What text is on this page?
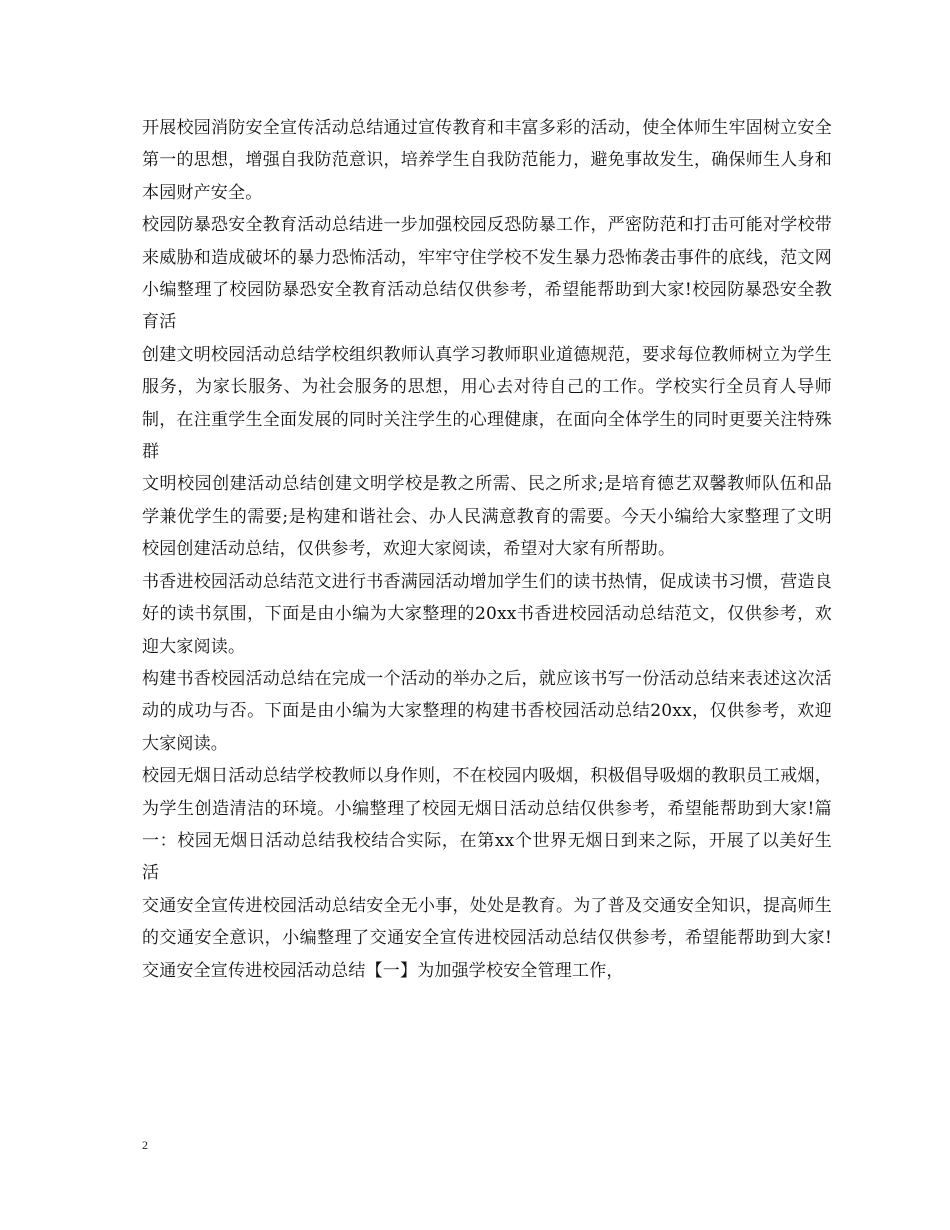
开展校园消防安全宣传活动总结通过宣传教育和丰富多彩的活动，使全体师生牢固树立安全第一的思想，增强自我防范意识，培养学生自我防范能力，避免事故发生，确保师生人身和本园财产安全。

校园防暴恐安全教育活动总结进一步加强校园反恐防暴工作，严密防范和打击可能对学校带来威胁和造成破坏的暴力恐怖活动，牢牢守住学校不发生暴力恐怖袭击事件的底线，范文网小编整理了校园防暴恐安全教育活动总结仅供参考，希望能帮助到大家!校园防暴恐安全教育活

创建文明校园活动总结学校组织教师认真学习教师职业道德规范，要求每位教师树立为学生服务，为家长服务、为社会服务的思想，用心去对待自己的工作。学校实行全员育人导师制，在注重学生全面发展的同时关注学生的心理健康，在面向全体学生的同时更要关注特殊群

文明校园创建活动总结创建文明学校是教之所需、民之所求;是培育德艺双馨教师队伍和品学兼优学生的需要;是构建和谐社会、办人民满意教育的需要。今天小编给大家整理了文明校园创建活动总结，仅供参考，欢迎大家阅读，希望对大家有所帮助。

书香进校园活动总结范文进行书香满园活动增加学生们的读书热情，促成读书习惯，营造良好的读书氛围，下面是由小编为大家整理的20xx书香进校园活动总结范文，仅供参考，欢迎大家阅读。

构建书香校园活动总结在完成一个活动的举办之后，就应该书写一份活动总结来表述这次活动的成功与否。下面是由小编为大家整理的构建书香校园活动总结20xx，仅供参考，欢迎大家阅读。

校园无烟日活动总结学校教师以身作则，不在校园内吸烟，积极倡导吸烟的教职员工戒烟，为学生创造清洁的环境。小编整理了校园无烟日活动总结仅供参考，希望能帮助到大家!篇一：校园无烟日活动总结我校结合实际，在第xx个世界无烟日到来之际，开展了以美好生活

交通安全宣传进校园活动总结安全无小事，处处是教育。为了普及交通安全知识，提高师生的交通安全意识，小编整理了交通安全宣传进校园活动总结仅供参考，希望能帮助到大家!交通安全宣传进校园活动总结【一】为加强学校安全管理工作，

2
